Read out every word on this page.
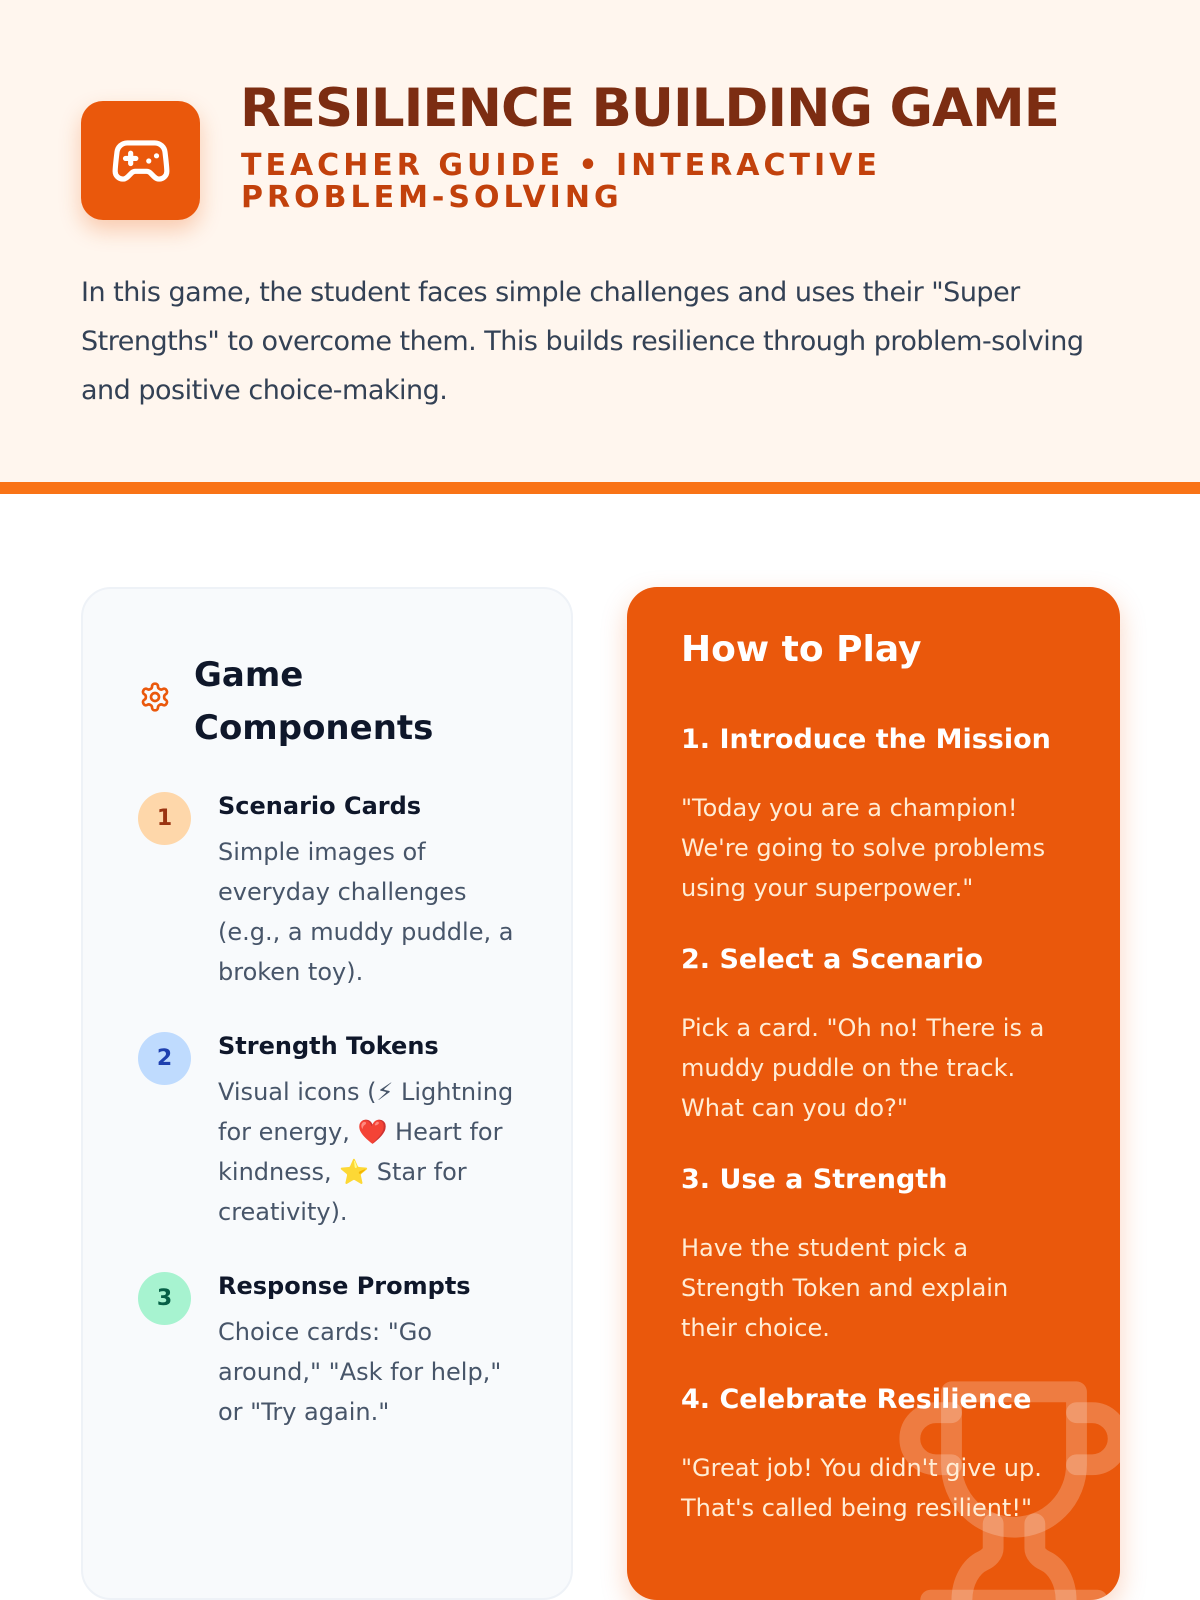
RESILIENCE BUILDING GAME

TEACHER GUIDE • INTERACTIVE PROBLEM-SOLVING

In this game, the student faces simple challenges and uses their "Super Strengths" to overcome them. This builds resilience through problem-solving and positive choice-making.

Game Components
1	Scenario Cards

Simple images of everyday challenges (e.g., a muddy puddle, a broken toy).

2	Strength Tokens

Visual icons (⚡ Lightning for energy, ❤️ Heart for kindness, ⭐ Star for creativity).

3	Response Prompts

Choice cards: "Go around," "Ask for help," or "Try again."

How to Play
1. Introduce the Mission

"Today you are a champion! We're going to solve problems using your superpower."

2. Select a Scenario

Pick a card. "Oh no! There is a muddy puddle on the track. What can you do?"

3. Use a Strength

Have the student pick a Strength Token and explain their choice.

4. Celebrate Resilience

"Great job! You didn't give up. That's called being resilient!"
